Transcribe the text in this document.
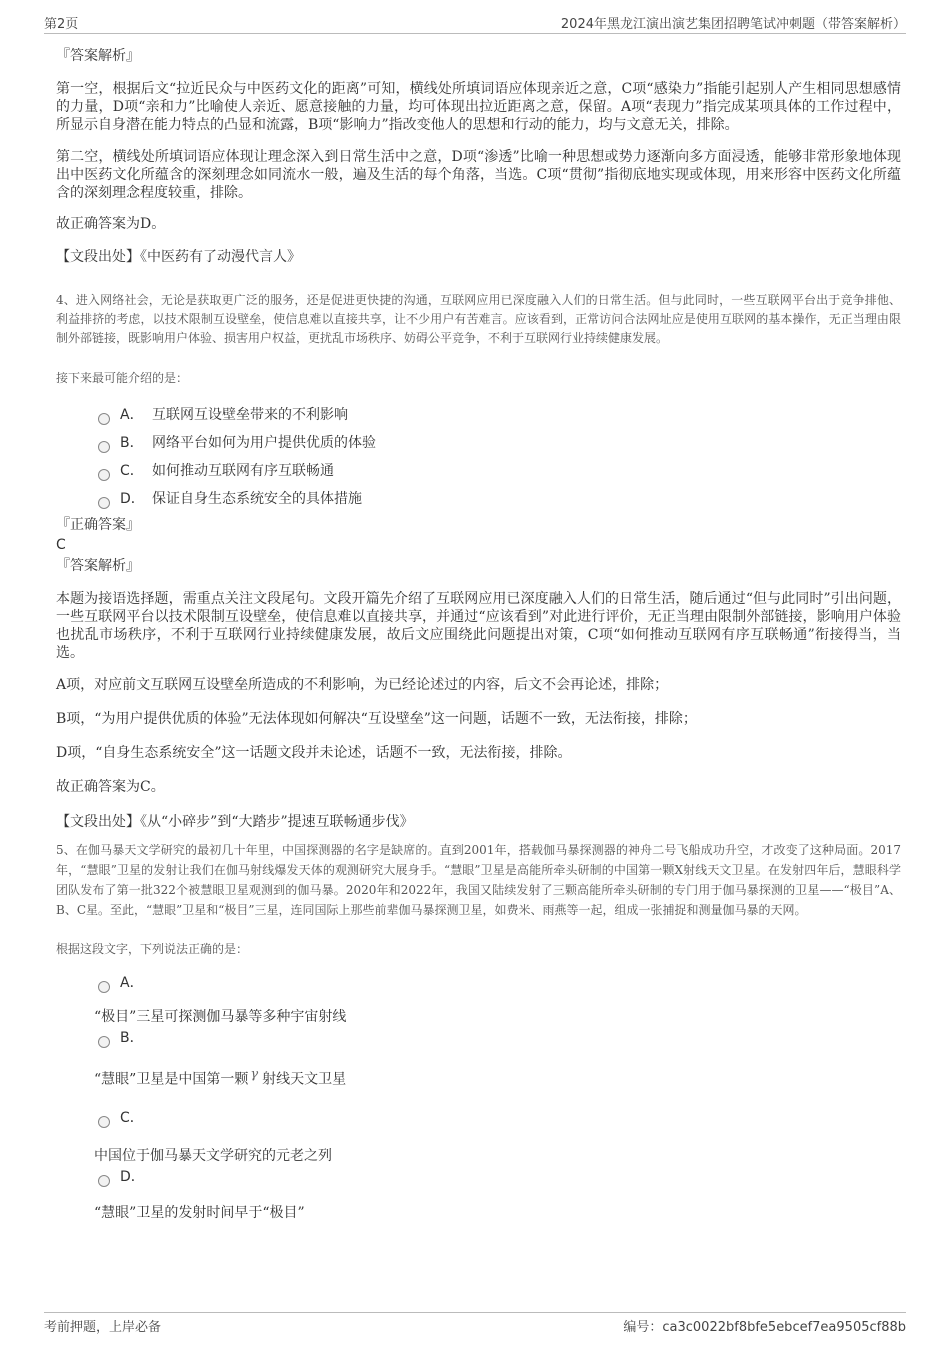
第2页	2024年黑龙江演出演艺集团招聘笔试冲刺题（带答案解析）

『答案解析』

第一空，根据后文“拉近民众与中医药文化的距离”可知，横线处所填词语应体现亲近之意，C项“感染力”指能引起别人产生相同思想感情的力量，D项“亲和力”比喻使人亲近、愿意接触的力量，均可体现出拉近距离之意，保留。A项“表现力”指完成某项具体的工作过程中，所显示自身潜在能力特点的凸显和流露，B项“影响力”指改变他人的思想和行动的能力，均与文意无关，排除。

第二空，横线处所填词语应体现让理念深入到日常生活中之意，D项“渗透”比喻一种思想或势力逐渐向多方面浸透，能够非常形象地体现出中医药文化所蕴含的深刻理念如同流水一般，遍及生活的每个角落，当选。C项“贯彻”指彻底地实现或体现，用来形容中医药文化所蕴含的深刻理念程度较重，排除。

故正确答案为D。

【文段出处】《中医药有了动漫代言人》

4、进入网络社会，无论是获取更广泛的服务，还是促进更快捷的沟通，互联网应用已深度融入人们的日常生活。但与此同时，一些互联网平台出于竞争排他、利益排挤的考虑，以技术限制互设壁垒，使信息难以直接共享，让不少用户有苦难言。应该看到，正常访问合法网址应是使用互联网的基本操作，无正当理由限制外部链接，既影响用户体验、损害用户权益，更扰乱市场秩序、妨碍公平竞争，不利于互联网行业持续健康发展。

接下来最可能介绍的是：

A． 互联网互设壁垒带来的不利影响
B． 网络平台如何为用户提供优质的体验
C． 如何推动互联网有序互联畅通
D． 保证自身生态系统安全的具体措施

『正确答案』

C

『答案解析』

本题为接语选择题，需重点关注文段尾句。文段开篇先介绍了互联网应用已深度融入人们的日常生活，随后通过“但与此同时”引出问题，一些互联网平台以技术限制互设壁垒，使信息难以直接共享，并通过“应该看到”对此进行评价，无正当理由限制外部链接，影响用户体验也扰乱市场秩序，不利于互联网行业持续健康发展，故后文应围绕此问题提出对策，C项“如何推动互联网有序互联畅通”衔接得当，当选。

A项，对应前文互联网互设壁垒所造成的不利影响，为已经论述过的内容，后文不会再论述，排除；

B项，“为用户提供优质的体验”无法体现如何解决“互设壁垒”这一问题，话题不一致，无法衔接，排除；

D项，“自身生态系统安全”这一话题文段并未论述，话题不一致，无法衔接，排除。

故正确答案为C。

【文段出处】《从“小碎步”到“大踏步”提速互联畅通步伐》

5、在伽马暴天文学研究的最初几十年里，中国探测器的名字是缺席的。直到2001年，搭载伽马暴探测器的神舟二号飞船成功升空，才改变了这种局面。2017年，“慧眼”卫星的发射让我们在伽马射线爆发天体的观测研究大展身手。“慧眼”卫星是高能所牵头研制的中国第一颗X射线天文卫星。在发射四年后，慧眼科学团队发布了第一批322个被慧眼卫星观测到的伽马暴。2020年和2022年，我国又陆续发射了三颗高能所牵头研制的专门用于伽马暴探测的卫星——“极目”A、B、C星。至此，“慧眼”卫星和“极目”三星，连同国际上那些前辈伽马暴探测卫星，如费米、雨燕等一起，组成一张捕捉和测量伽马暴的天网。

根据这段文字，下列说法正确的是：

A．
“极目”三星可探测伽马暴等多种宇宙射线
B．
“慧眼”卫星是中国第一颗 γ 射线天文卫星
C．
中国位于伽马暴天文学研究的元老之列
D．
“慧眼”卫星的发射时间早于“极目”
考前押题，上岸必备	编号：ca3c0022bf8bfe5ebcef7ea9505cf88b
